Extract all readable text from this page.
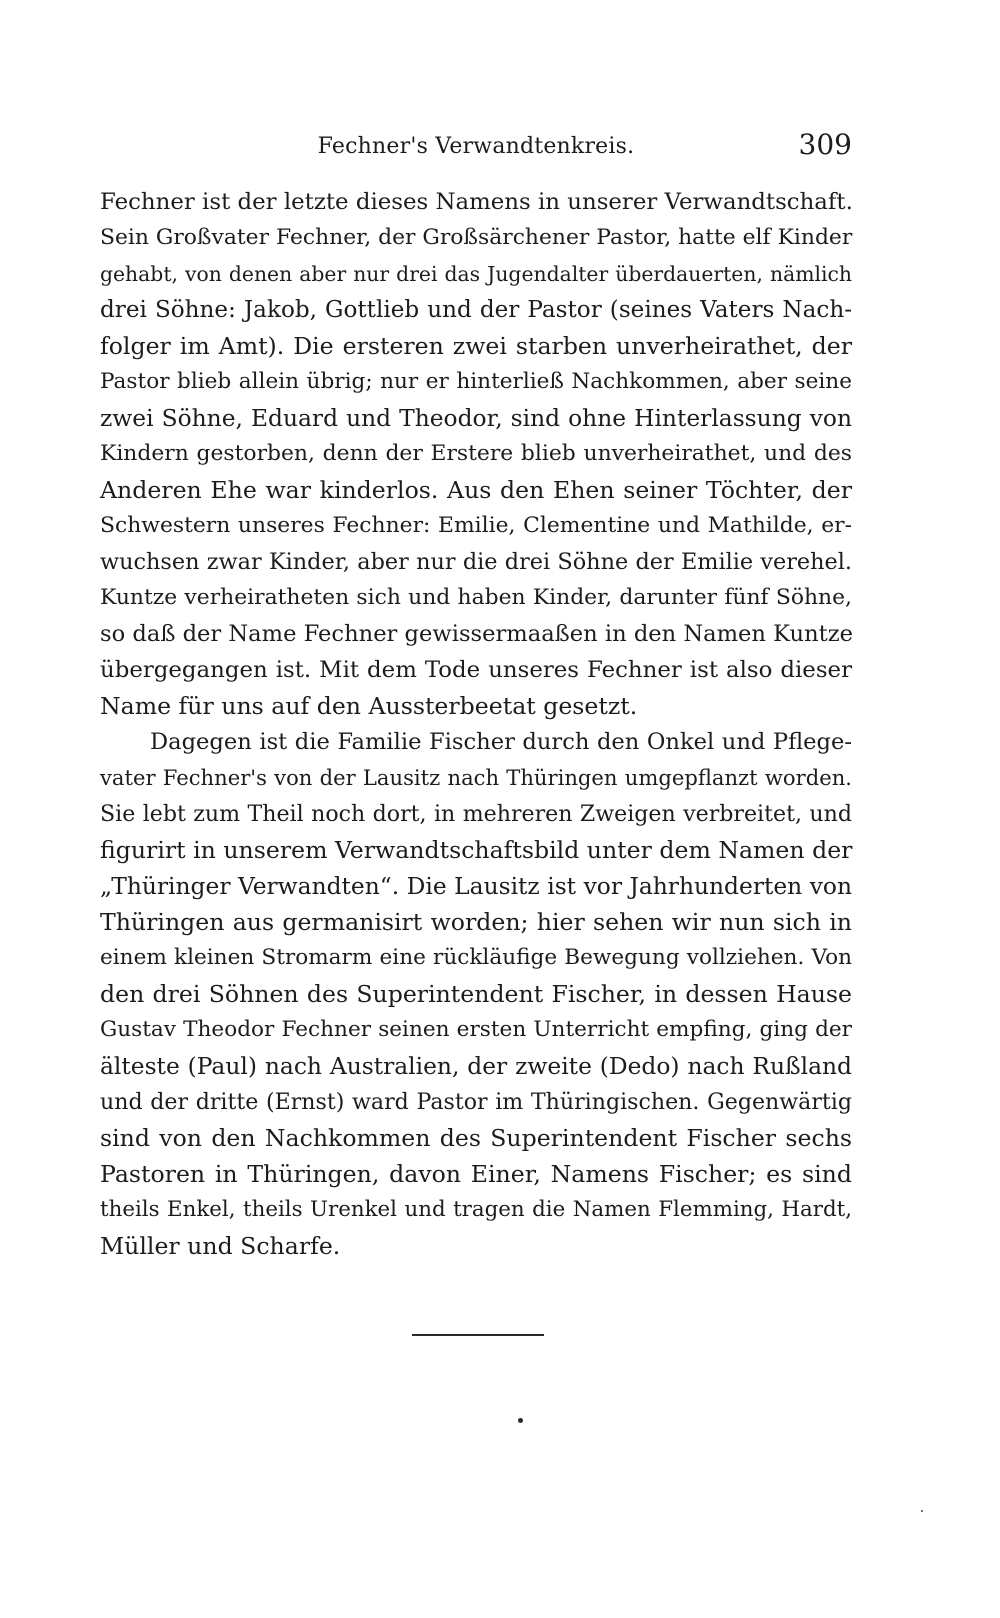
Fechner's Verwandtenkreis.	309
Fechner ist der letzte dieses Namens in unserer Verwandtschaft.
Sein Großvater Fechner, der Großsärchener Pastor, hatte elf Kinder
gehabt, von denen aber nur drei das Jugendalter überdauerten, nämlich
drei Söhne: Jakob, Gottlieb und der Pastor (seines Vaters Nach-
folger im Amt). Die ersteren zwei starben unverheirathet, der
Pastor blieb allein übrig; nur er hinterließ Nachkommen, aber seine
zwei Söhne, Eduard und Theodor, sind ohne Hinterlassung von
Kindern gestorben, denn der Erstere blieb unverheirathet, und des
Anderen Ehe war kinderlos. Aus den Ehen seiner Töchter, der
Schwestern unseres Fechner: Emilie, Clementine und Mathilde, er-
wuchsen zwar Kinder, aber nur die drei Söhne der Emilie verehel.
Kuntze verheiratheten sich und haben Kinder, darunter fünf Söhne,
so daß der Name Fechner gewissermaaßen in den Namen Kuntze
übergegangen ist. Mit dem Tode unseres Fechner ist also dieser
Name für uns auf den Aussterbeetat gesetzt.
Dagegen ist die Familie Fischer durch den Onkel und Pflege-
vater Fechner's von der Lausitz nach Thüringen umgepflanzt worden.
Sie lebt zum Theil noch dort, in mehreren Zweigen verbreitet, und
figurirt in unserem Verwandtschaftsbild unter dem Namen der
„Thüringer Verwandten“. Die Lausitz ist vor Jahrhunderten von
Thüringen aus germanisirt worden; hier sehen wir nun sich in
einem kleinen Stromarm eine rückläufige Bewegung vollziehen. Von
den drei Söhnen des Superintendent Fischer, in dessen Hause
Gustav Theodor Fechner seinen ersten Unterricht empfing, ging der
älteste (Paul) nach Australien, der zweite (Dedo) nach Rußland
und der dritte (Ernst) ward Pastor im Thüringischen. Gegenwärtig
sind von den Nachkommen des Superintendent Fischer sechs
Pastoren in Thüringen, davon Einer, Namens Fischer; es sind
theils Enkel, theils Urenkel und tragen die Namen Flemming, Hardt,
Müller und Scharfe.
